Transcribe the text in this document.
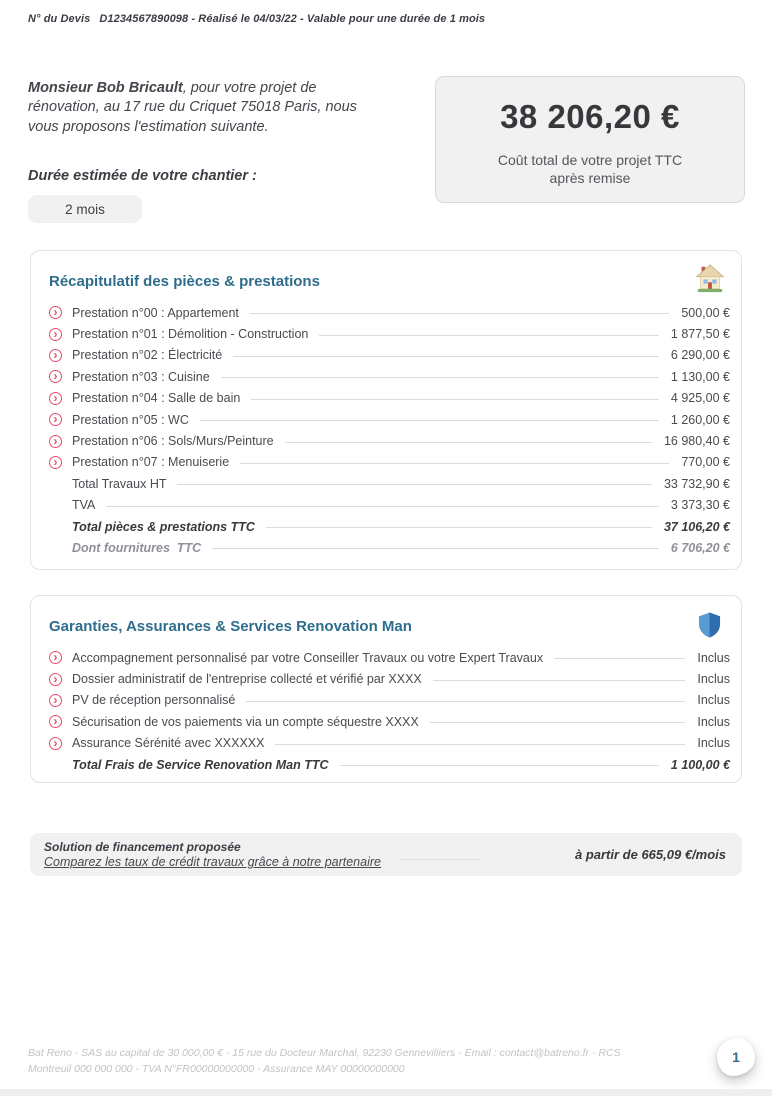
N° du Devis D1234567890098 - Réalisé le 04/03/22 - Valable pour une durée de 1 mois

Monsieur Bob Bricault, pour votre projet de rénovation, au 17 rue du Criquet 75018 Paris, nous vous proposons l'estimation suivante.

Durée estimée de votre chantier :
2 mois
38 206,20 €
Coût total de votre projet TTC
après remise
Récapitulatif des pièces & prestations
›	Prestation n°00 : Appartement	500,00 €
›	Prestation n°01 : Démolition - Construction	1 877,50 €
›	Prestation n°02 : Électricité	6 290,00 €
›	Prestation n°03 : Cuisine	1 130,00 €
›	Prestation n°04 : Salle de bain	4 925,00 €
›	Prestation n°05 : WC	1 260,00 €
›	Prestation n°06 : Sols/Murs/Peinture	16 980,40 €
›	Prestation n°07 : Menuiserie	770,00 €
Total Travaux HT	33 732,90 €
TVA	3 373,30 €
Total pièces & prestations TTC	37 106,20 €
Dont fournitures  TTC	6 706,20 €
Garanties, Assurances & Services Renovation Man
›	Accompagnement personnalisé par votre Conseiller Travaux ou votre Expert Travaux	Inclus
›	Dossier administratif de l'entreprise collecté et vérifié par XXXX	Inclus
›	PV de réception personnalisé	Inclus
›	Sécurisation de vos paiements via un compte séquestre XXXX	Inclus
›	Assurance Sérénité avec XXXXXX	Inclus
Total Frais de Service Renovation Man TTC	1 100,00 €
Solution de financement proposée
Comparez les taux de crédit travaux grâce à notre partenaire	à partir de 665,09 €/mois
Bat Reno - SAS au capital de 30 000,00 € - 15 rue du Docteur Marchal, 92230 Gennevilliers - Email : contact@batreno.fr - RCS
Montreuil 000 000 000 - TVA N°FR00000000000 - Assurance MAY 00000000000
1
